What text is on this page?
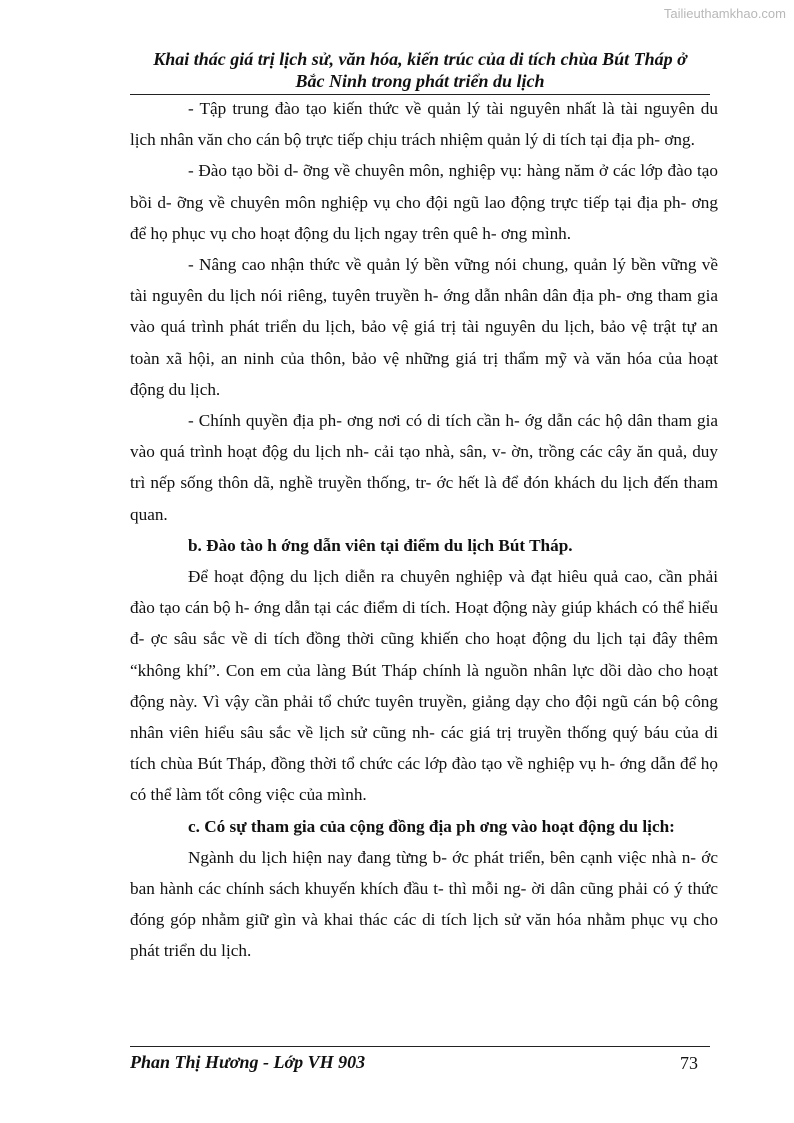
Tailieuthamkhao.com
Khai thác giá trị lịch sử, văn hóa, kiến trúc của di tích chùa Bút Tháp ở
Bắc Ninh trong phát triển du lịch

- Tập trung đào tạo kiến thức về quản lý tài nguyên nhất là tài nguyên du lịch nhân văn cho cán bộ trực tiếp chịu trách nhiệm quản lý di tích tại địa ph- ơng.

- Đào tạo bồi d- ỡng về chuyên môn, nghiệp vụ: hàng năm ở các lớp đào tạo bồi d- ỡng về chuyên môn nghiệp vụ cho đội ngũ lao động trực tiếp tại địa ph- ơng để họ phục vụ cho hoạt động du lịch ngay trên quê h- ơng mình.

- Nâng cao nhận thức về quản lý bền vững nói chung, quản lý bền vững về tài nguyên du lịch nói riêng, tuyên truyền h- ớng dẫn nhân dân địa ph- ơng tham gia vào quá trình phát triển du lịch, bảo vệ giá trị tài nguyên du lịch, bảo vệ trật tự an toàn xã hội, an ninh của thôn, bảo vệ những giá trị thẩm mỹ và văn hóa của hoạt động du lịch.

- Chính quyền địa ph- ơng nơi có di tích cần h- ớg dẫn các hộ dân tham gia vào quá trình hoạt độg du lịch nh- cải tạo nhà, sân, v- ờn, trồng các cây ăn quả, duy trì nếp sống thôn dã, nghề truyền thống, tr- ớc hết là để đón khách du lịch đến tham quan.

b. Đào tào h ớng dẫn viên tại điểm du lịch Bút Tháp.

Để hoạt động du lịch diễn ra chuyên nghiệp và đạt hiêu quả cao, cần phải đào tạo cán bộ h- ớng dẫn tại các điểm di tích. Hoạt động này giúp khách có thể hiểu đ- ợc sâu sắc về di tích đồng thời cũng khiến cho hoạt động du lịch tại đây thêm “không khí”. Con em của làng Bút Tháp chính là nguồn nhân lực dồi dào cho hoạt động này. Vì vậy cần phải tổ chức tuyên truyền, giảng dạy cho đội ngũ cán bộ công nhân viên hiểu sâu sắc về lịch sử cũng nh- các giá trị truyền thống quý báu của di tích chùa Bút Tháp, đồng thời tổ chức các lớp đào tạo về nghiệp vụ h- ớng dẫn để họ có thể làm tốt công việc của mình.

c. Có sự tham gia của cộng đồng địa ph ơng vào hoạt động du lịch:

Ngành du lịch hiện nay đang từng b- ớc phát triển, bên cạnh việc nhà n- ớc ban hành các chính sách khuyến khích đầu t- thì mỗi ng- ời dân cũng phải có ý thức đóng góp nhằm giữ gìn và khai thác các di tích lịch sử văn hóa nhằm phục vụ cho phát triển du lịch.

Phan Thị Hương - Lớp VH 903	73
